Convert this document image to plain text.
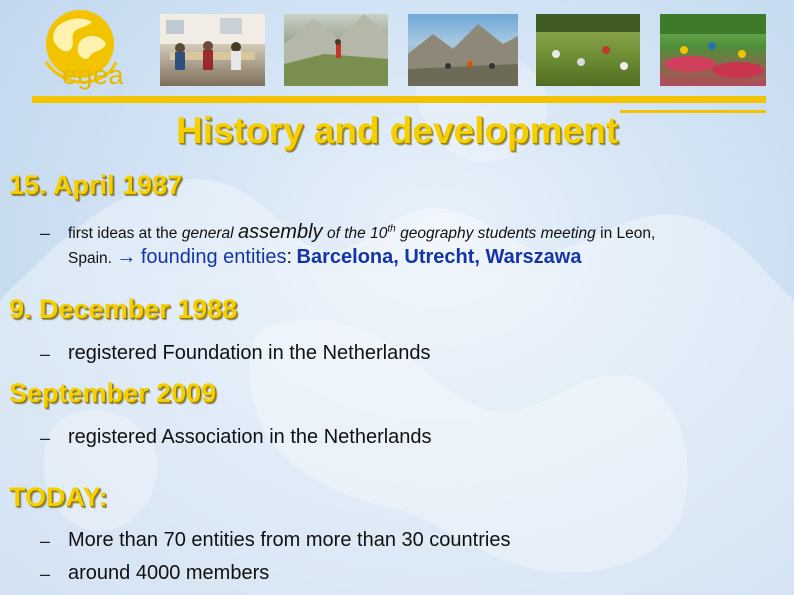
egea
History and development
15. April 1987
– first ideas at the general assembly of the 10th geography students meeting in Leon,
Spain. → founding entities: Barcelona, Utrecht, Warszawa
9. December 1988
– registered Foundation in the Netherlands
September 2009
– registered Association in the Netherlands
TODAY:
– More than 70 entities from more than 30 countries
– around 4000 members
